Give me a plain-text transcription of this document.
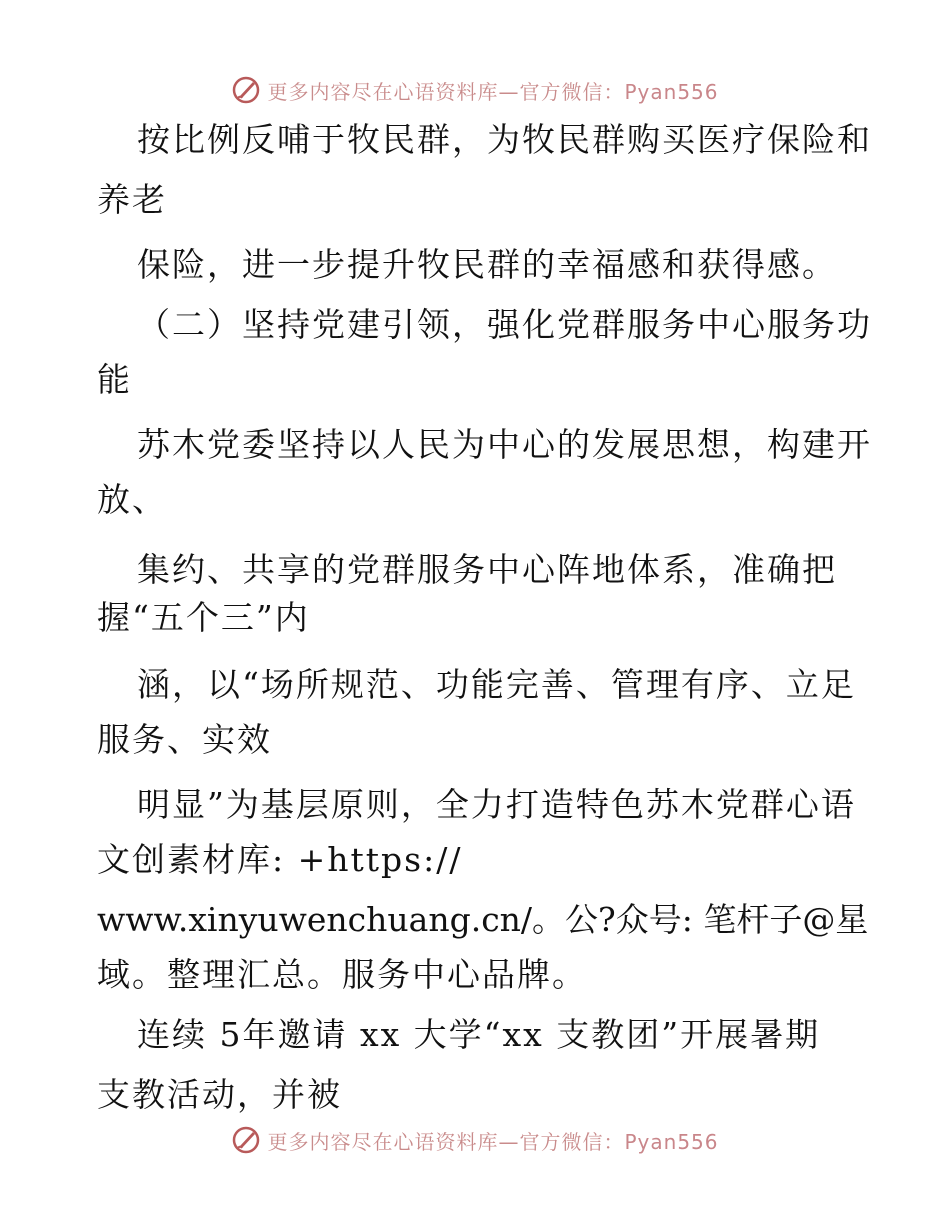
更多内容尽在心语资料库—官方微信：Pyan556
按比例反哺于牧民群，为牧民群购买医疗保险和
养老
保险，进一步提升牧民群的幸福感和获得感。
（二）坚持党建引领，强化党群服务中心服务功
能
苏木党委坚持以人民为中心的发展思想，构建开
放、
集约、共享的党群服务中心阵地体系，准确把
握“五个三”内
涵，以“场所规范、功能完善、管理有序、立足
服务、实效
明显”为基层原则，全力打造特色苏木党群心语
文创素材库: +https://
www.xinyuwenchuang.cn/。公?众号: 笔杆子@星
域。整理汇总。服务中心品牌。
连续 5年邀请 xx 大学“xx 支教团”开展暑期
支教活动，并被
更多内容尽在心语资料库—官方微信：Pyan556
